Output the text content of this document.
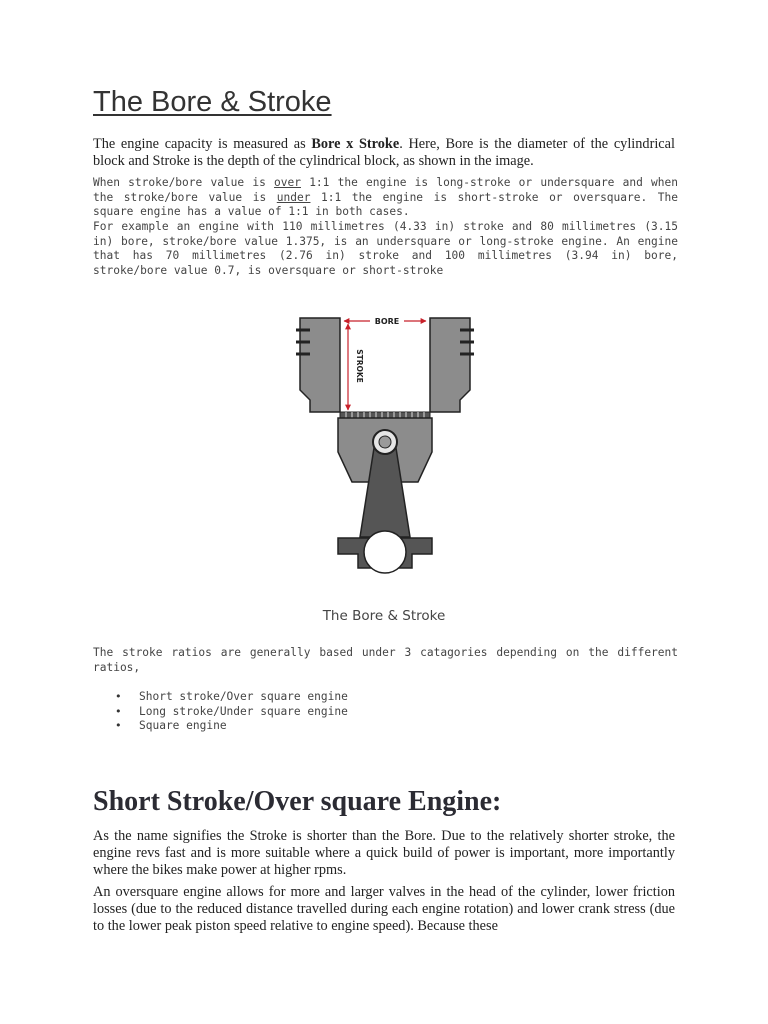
The Bore & Stroke

The engine capacity is measured as Bore x Stroke. Here, Bore is the diameter of the cylindrical block and Stroke is the depth of the cylindrical block, as shown in the image.

When stroke/bore value is over 1:1 the engine is long-stroke or undersquare and when the stroke/bore value is under 1:1 the engine is short-stroke or oversquare. The square engine has a value of 1:1 in both cases.

For example an engine with 110 millimetres (4.33 in) stroke and 80 millimetres (3.15 in) bore, stroke/bore value 1.375, is an undersquare or long-stroke engine. An engine that has 70 millimetres (2.76 in) stroke and 100 millimetres (3.94 in) bore, stroke/bore value 0.7, is oversquare or short-stroke

BORE
STROKE
The Bore & Stroke

The stroke ratios are generally based under 3 catagories depending on the different ratios,

• Short stroke/Over square engine
• Long stroke/Under square engine
• Square engine
Short Stroke/Over square Engine:

As the name signifies the Stroke is shorter than the Bore. Due to the relatively shorter stroke, the engine revs fast and is more suitable where a quick build of power is important, more importantly where the bikes make power at higher rpms.

An oversquare engine allows for more and larger valves in the head of the cylinder, lower friction losses (due to the reduced distance travelled during each engine rotation) and lower crank stress (due to the lower peak piston speed relative to engine speed). Because these
